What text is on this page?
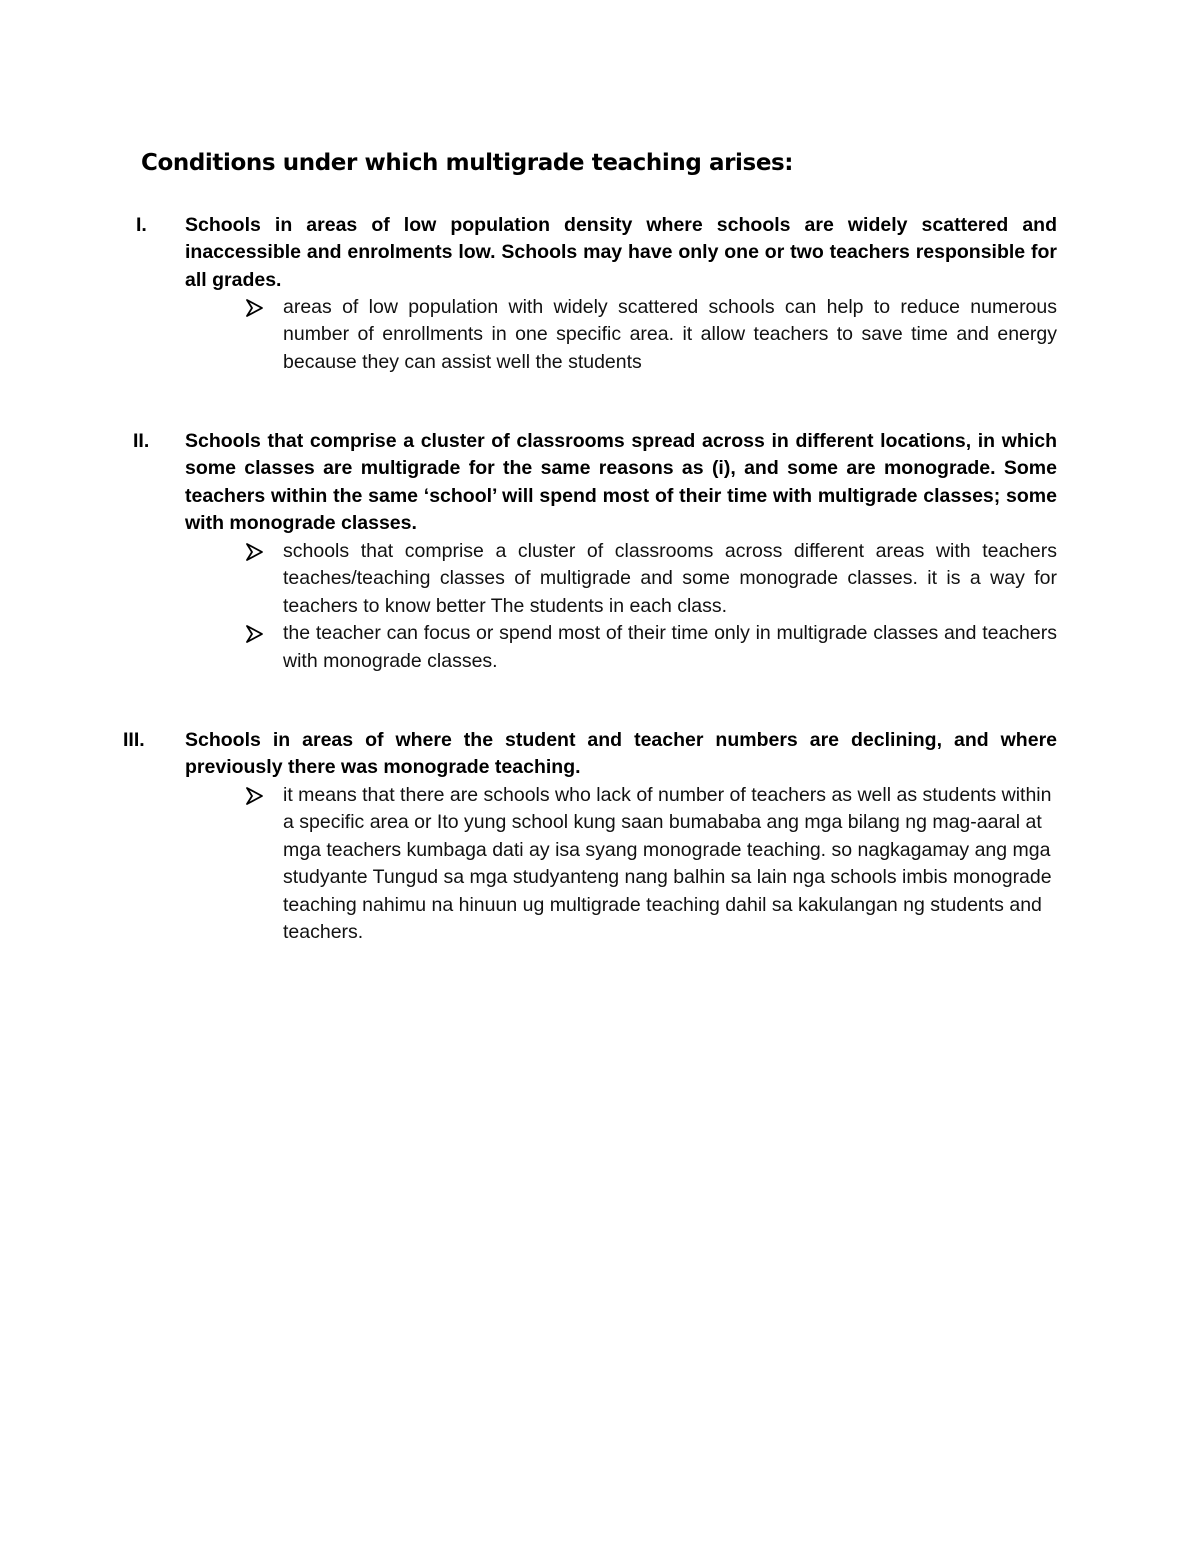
Conditions under which multigrade teaching arises:
I.	Schools in areas of low population density where schools are widely scattered and inaccessible and enrolments low. Schools may have only one or two teachers responsible for all grades.

areas of low population with widely scattered schools can help to reduce numerous number of enrollments in one specific area. it allow teachers to save time and energy because they can assist well the students
II.	Schools that comprise a cluster of classrooms spread across in different locations, in which some classes are multigrade for the same reasons as (i), and some are monograde. Some teachers within the same ‘school’ will spend most of their time with multigrade classes; some with monograde classes.

schools that comprise a cluster of classrooms across different areas with teachers teaches/teaching classes of multigrade and some monograde classes. it is a way for teachers to know better The students in each class.
the teacher can focus or spend most of their time only in multigrade classes and teachers with monograde classes.
III.	Schools in areas of where the student and teacher numbers are declining, and where previously there was monograde teaching.

it means that there are schools who lack of number of teachers as well as students within a specific area or Ito yung school kung saan bumababa ang mga bilang ng mag-aaral at mga teachers kumbaga dati ay isa syang monograde teaching. so nagkagamay ang mga studyante Tungud sa mga studyanteng nang balhin sa lain nga schools imbis monograde teaching nahimu na hinuun ug multigrade teaching dahil sa kakulangan ng students and teachers.
